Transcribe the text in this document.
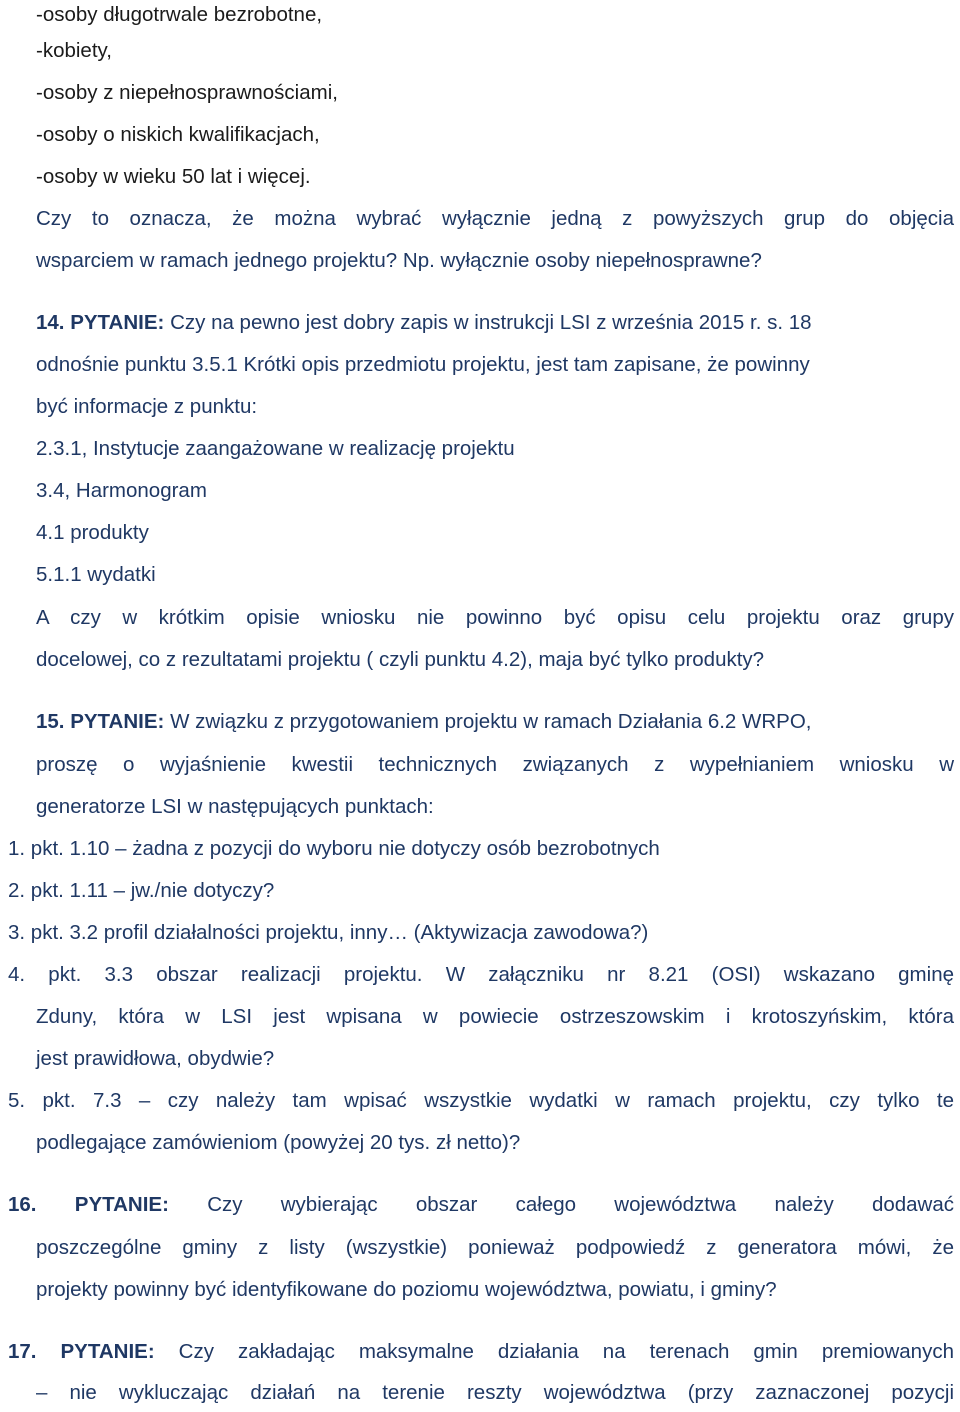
-osoby długotrwale bezrobotne,
-kobiety,
-osoby z niepełnosprawnościami,
-osoby o niskich kwalifikacjach,
-osoby w wieku 50 lat i więcej.
Czy to oznacza, że można wybrać wyłącznie jedną z powyższych grup do objęcia
wsparciem w ramach jednego projektu? Np. wyłącznie osoby niepełnosprawne?
14. PYTANIE: Czy na pewno jest dobry zapis w instrukcji LSI z września 2015 r. s. 18
odnośnie punktu 3.5.1 Krótki opis przedmiotu projektu, jest tam zapisane, że powinny
być informacje z punktu:
2.3.1, Instytucje zaangażowane w realizację projektu
3.4, Harmonogram
4.1 produkty
5.1.1 wydatki
A czy w krótkim opisie wniosku nie powinno być opisu celu projektu oraz grupy
docelowej, co z rezultatami projektu ( czyli punktu 4.2), maja być tylko produkty?
15. PYTANIE: W związku z przygotowaniem projektu w ramach Działania 6.2 WRPO,
proszę o wyjaśnienie kwestii technicznych związanych z wypełnianiem wniosku w
generatorze LSI w następujących punktach:
1. pkt. 1.10 – żadna z pozycji do wyboru nie dotyczy osób bezrobotnych
2. pkt. 1.11 – jw./nie dotyczy?
3. pkt. 3.2 profil działalności projektu, inny… (Aktywizacja zawodowa?)
4. pkt. 3.3 obszar realizacji projektu. W załączniku nr 8.21 (OSI) wskazano gminę
Zduny, która w LSI jest wpisana w powiecie ostrzeszowskim i krotoszyńskim, która
jest prawidłowa, obydwie?
5. pkt. 7.3 – czy należy tam wpisać wszystkie wydatki w ramach projektu, czy tylko te
podlegające zamówieniom (powyżej 20 tys. zł netto)?
16. PYTANIE: Czy wybierając obszar całego województwa należy dodawać
poszczególne gminy z listy (wszystkie) ponieważ podpowiedź z generatora mówi, że
projekty powinny być identyfikowane do poziomu województwa, powiatu, i gminy?
17. PYTANIE: Czy zakładając maksymalne działania na terenach gmin premiowanych
– nie wykluczając działań na terenie reszty województwa (przy zaznaczonej pozycji
